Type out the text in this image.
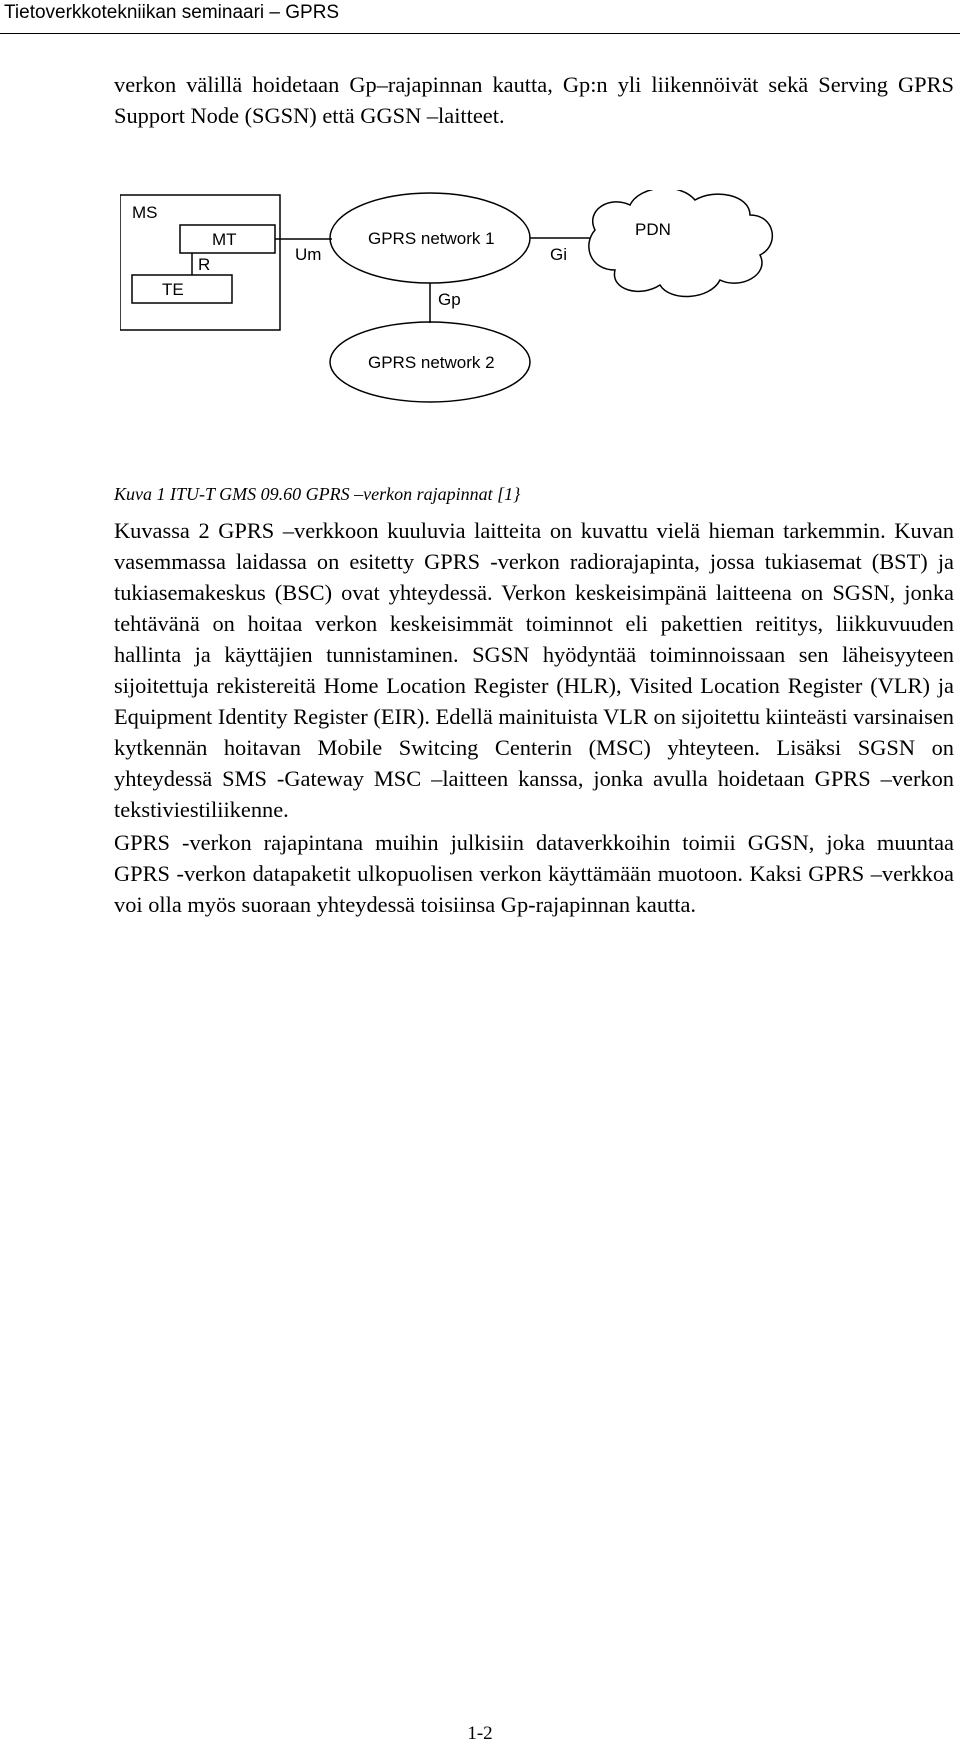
Tietoverkkotekniikan seminaari – GPRS

verkon välillä hoidetaan Gp–rajapinnan kautta, Gp:n yli liikennöivät sekä Serving GPRS Support Node (SGSN) että GGSN –laitteet.

MS
MT
R
TE
Um
GPRS network 1
Gi
PDN
Gp
GPRS network 2

Kuva 1 ITU-T GMS 09.60 GPRS –verkon rajapinnat [1}

Kuvassa 2 GPRS –verkkoon kuuluvia laitteita on kuvattu vielä hieman tarkemmin. Kuvan vasemmassa laidassa on esitetty GPRS -verkon radiorajapinta, jossa tukiasemat (BST) ja tukiasemakeskus (BSC) ovat yhteydessä. Verkon keskeisimpänä laitteena on SGSN, jonka tehtävänä on hoitaa verkon keskeisimmät toiminnot eli pakettien reititys, liikkuvuuden hallinta ja käyttäjien tunnistaminen. SGSN hyödyntää toiminnoissaan sen läheisyyteen sijoitettuja rekistereitä Home Location Register (HLR), Visited Location Register (VLR) ja Equipment Identity Register (EIR). Edellä mainituista VLR on sijoitettu kiinteästi varsinaisen kytkennän hoitavan Mobile Switcing Centerin (MSC) yhteyteen. Lisäksi SGSN on yhteydessä SMS -Gateway MSC –laitteen kanssa, jonka avulla hoidetaan GPRS –verkon tekstiviestiliikenne.

GPRS -verkon rajapintana muihin julkisiin dataverkkoihin toimii GGSN, joka muuntaa GPRS -verkon datapaketit ulkopuolisen verkon käyttämään muotoon. Kaksi GPRS –verkkoa voi olla myös suoraan yhteydessä toisiinsa Gp-rajapinnan kautta.

1-2
